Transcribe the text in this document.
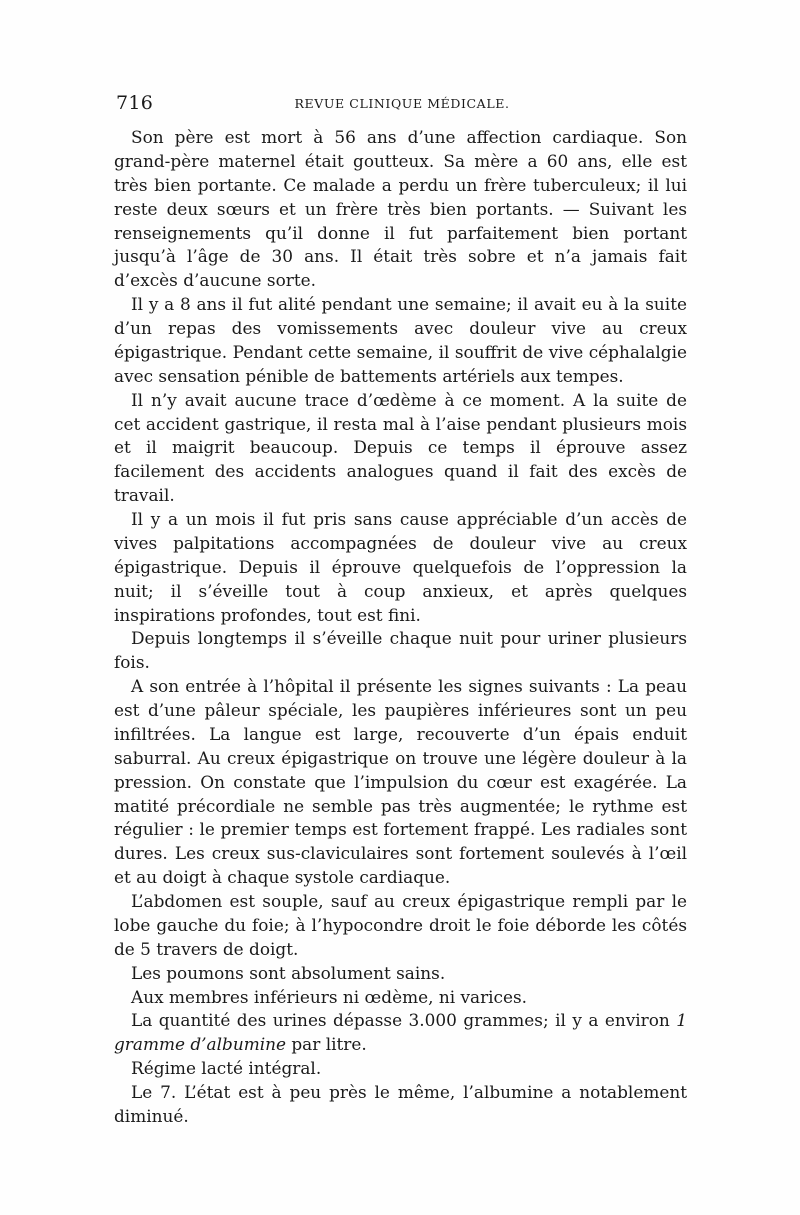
716	REVUE CLINIQUE MÉDICALE.

Son père est mort à 56 ans d’une affection cardiaque. Son grand-père maternel était goutteux. Sa mère a 60 ans, elle est très bien portante. Ce malade a perdu un frère tuberculeux; il lui reste deux sœurs et un frère très bien portants. — Suivant les renseignements qu’il donne il fut parfaitement bien portant jusqu’à l’âge de 30 ans. Il était très sobre et n’a jamais fait d’excès d’aucune sorte.

Il y a 8 ans il fut alité pendant une semaine; il avait eu à la suite d’un repas des vomissements avec douleur vive au creux épigastrique. Pendant cette semaine, il souffrit de vive céphalalgie avec sensation pénible de battements artériels aux tempes.

Il n’y avait aucune trace d’œdème à ce moment. A la suite de cet accident gastrique, il resta mal à l’aise pendant plusieurs mois et il maigrit beaucoup. Depuis ce temps il éprouve assez facilement des accidents analogues quand il fait des excès de travail.

Il y a un mois il fut pris sans cause appréciable d’un accès de vives palpitations accompagnées de douleur vive au creux épigastrique. Depuis il éprouve quelquefois de l’oppression la nuit; il s’éveille tout à coup anxieux, et après quelques inspirations profondes, tout est fini.

Depuis longtemps il s’éveille chaque nuit pour uriner plusieurs fois.

A son entrée à l’hôpital il présente les signes suivants : La peau est d’une pâleur spéciale, les paupières inférieures sont un peu infiltrées. La langue est large, recouverte d’un épais enduit saburral. Au creux épigastrique on trouve une légère douleur à la pression. On constate que l’impulsion du cœur est exagérée. La matité précordiale ne semble pas très augmentée; le rythme est régulier : le premier temps est fortement frappé. Les radiales sont dures. Les creux sus-claviculaires sont fortement soulevés à l’œil et au doigt à chaque systole cardiaque.

L’abdomen est souple, sauf au creux épigastrique rempli par le lobe gauche du foie; à l’hypocondre droit le foie déborde les côtés de 5 travers de doigt.

Les poumons sont absolument sains.

Aux membres inférieurs ni œdème, ni varices.

La quantité des urines dépasse 3.000 grammes; il y a environ 1 gramme d’albumine par litre.

Régime lacté intégral.

Le 7. L’état est à peu près le même, l’albumine a notablement diminué.
